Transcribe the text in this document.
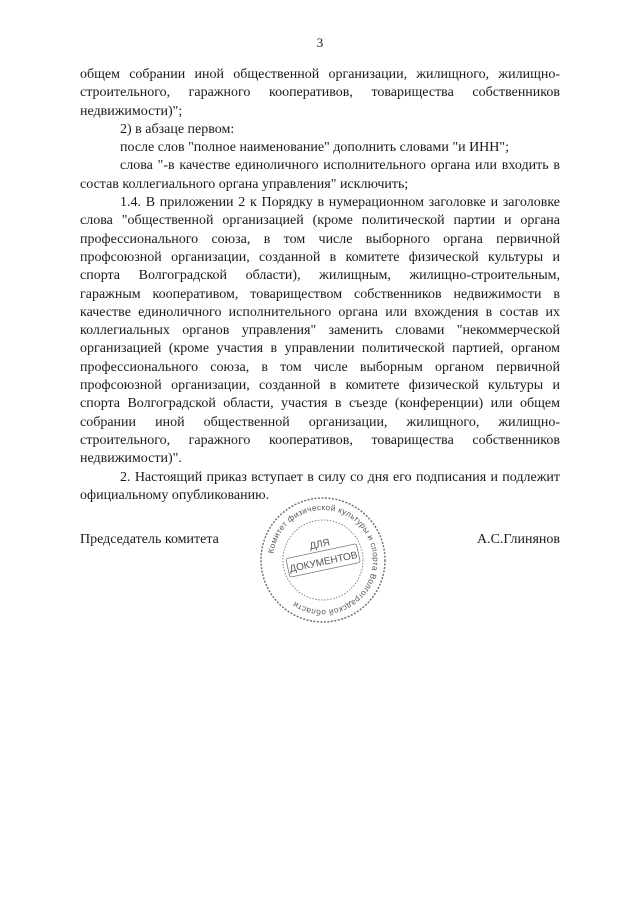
3

общем собрании иной общественной организации, жилищного, жилищно-строительного, гаражного кооперативов, товарищества собственников недвижимости)";

2) в абзаце первом:

после слов "полное наименование" дополнить словами "и ИНН";

слова "-в качестве единоличного исполнительного органа или входить в состав коллегиального органа управления" исключить;

1.4. В приложении 2 к Порядку в нумерационном заголовке и заголовке слова "общественной организацией (кроме политической партии и органа профессионального союза, в том числе выборного органа первичной профсоюзной организации, созданной в комитете физической культуры и спорта Волгоградской области), жилищным, жилищно-строительным, гаражным кооперативом, товариществом собственников недвижимости в качестве единоличного исполнительного органа или вхождения в состав их коллегиальных органов управления" заменить словами "некоммерческой организацией (кроме участия в управлении политической партией, органом профессионального союза, в том числе выборным органом первичной профсоюзной организации, созданной в комитете физической культуры и спорта Волгоградской области, участия в съезде (конференции) или общем собрании иной общественной организации, жилищного, жилищно-строительного, гаражного кооперативов, товарищества собственников недвижимости)".

2. Настоящий приказ вступает в силу со дня его подписания и подлежит официальному опубликованию.

Председатель комитета	А.С.Глинянов
Комитет физической культуры и спорта Волгоградской области
ДЛЯ
ДОКУМЕНТОВ
